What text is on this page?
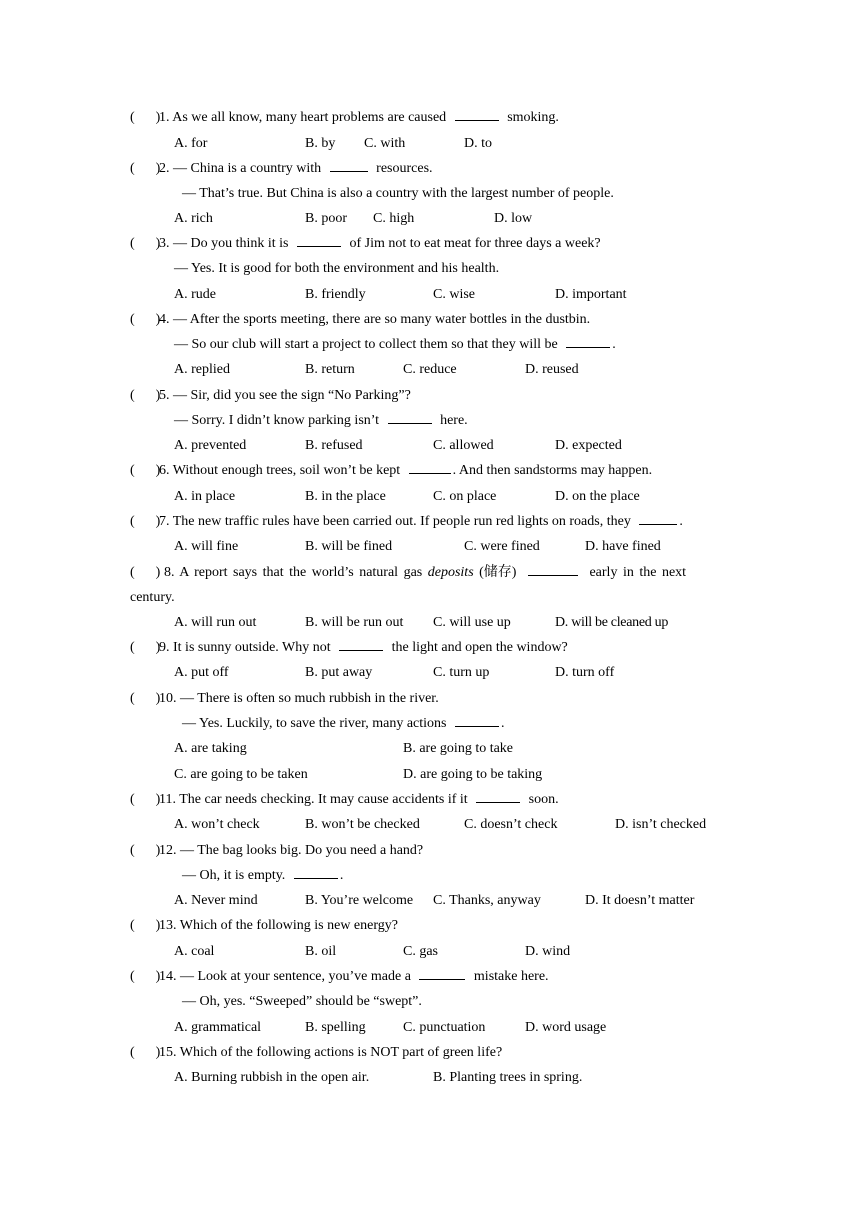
(      )
1. As we all know, many heart problems are caused	smoking.
A. for	B. by C. with	D. to
(      )
2. — China is a country with	resources.
— That’s true. But China is also a country with the largest number of people.
A. rich	B. poor C. high	D. low
(      )
3. — Do you think it is	of Jim not to eat meat for three days a week?
— Yes. It is good for both the environment and his health.
A. rude	B. friendly	C. wise	D. important
(      )
4. — After the sports meeting, there are so many water bottles in the dustbin.
— So our club will start a project to collect them so that they will be	.
A. replied	B. return	C. reduce	D. reused
(      )
5. — Sir, did you see the sign “No Parking”?
— Sorry. I didn’t know parking isn’t	here.
A. prevented	B. refused	C. allowed	D. expected
(      )
6. Without enough trees, soil won’t be kept	. And then sandstorms may happen.
A. in place	B. in the place	C. on place	D. on the place
(      )
7. The new traffic rules have been carried out. If people run red lights on roads, they	.
A. will fine	B. will be fined	C. were fined	D. have fined
(      ) 8. A report says that the world’s natural gas deposits (储存)	early in the next
century.
A. will run out	B. will be run out C. will use up	D. will be cleaned up
(      )
9. It is sunny outside. Why not	the light and open the window?
A. put off	B. put away	C. turn up	D. turn off
(      )
10. — There is often so much rubbish in the river.
— Yes. Luckily, to save the river, many actions	.
A. are taking	B. are going to take
C. are going to be taken	D. are going to be taking
(      )
11. The car needs checking. It may cause accidents if it	soon.
A. won’t check	B. won’t be checked	C. doesn’t check	D. isn’t checked
(      )
12. — The bag looks big. Do you need a hand?
— Oh, it is empty.	.
A. Never mind	B. You’re welcome C. Thanks, anyway	D. It doesn’t matter
(      )
13. Which of the following is new energy?
A. coal	B. oil	C. gas	D. wind
(      )
14. — Look at your sentence, you’ve made a	mistake here.
— Oh, yes. “Sweeped” should be “swept”.
A. grammatical	B. spelling	C. punctuation	D. word usage
(      )
15. Which of the following actions is NOT part of green life?
A. Burning rubbish in the open air.	B. Planting trees in spring.
